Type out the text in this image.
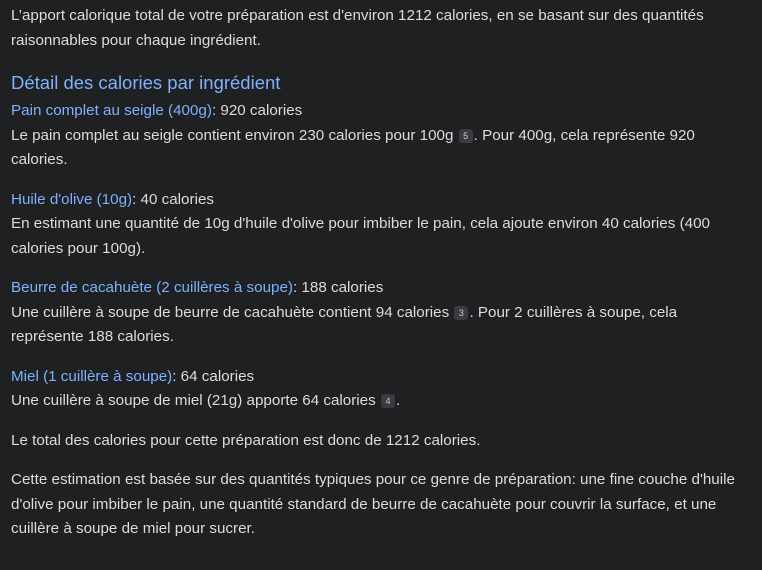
L’apport calorique total de votre préparation est d'environ 1212 calories, en se basant sur des quantités raisonnables pour chaque ingrédient.

Détail des calories par ingrédient
Pain complet au seigle (400g): 920 calories
Le pain complet au seigle contient environ 230 calories pour 100g 5 . Pour 400g, cela représente 920 calories.
Huile d'olive (10g): 40 calories
En estimant une quantité de 10g d'huile d'olive pour imbiber le pain, cela ajoute environ 40 calories (400 calories pour 100g).
Beurre de cacahuète (2 cuillères à soupe): 188 calories
Une cuillère à soupe de beurre de cacahuète contient 94 calories 3 . Pour 2 cuillères à soupe, cela représente 188 calories.
Miel (1 cuillère à soupe): 64 calories
Une cuillère à soupe de miel (21g) apporte 64 calories 4 .

Le total des calories pour cette préparation est donc de 1212 calories.

Cette estimation est basée sur des quantités typiques pour ce genre de préparation: une fine couche d'huile d'olive pour imbiber le pain, une quantité standard de beurre de cacahuète pour couvrir la surface, et une cuillère à soupe de miel pour sucrer.
